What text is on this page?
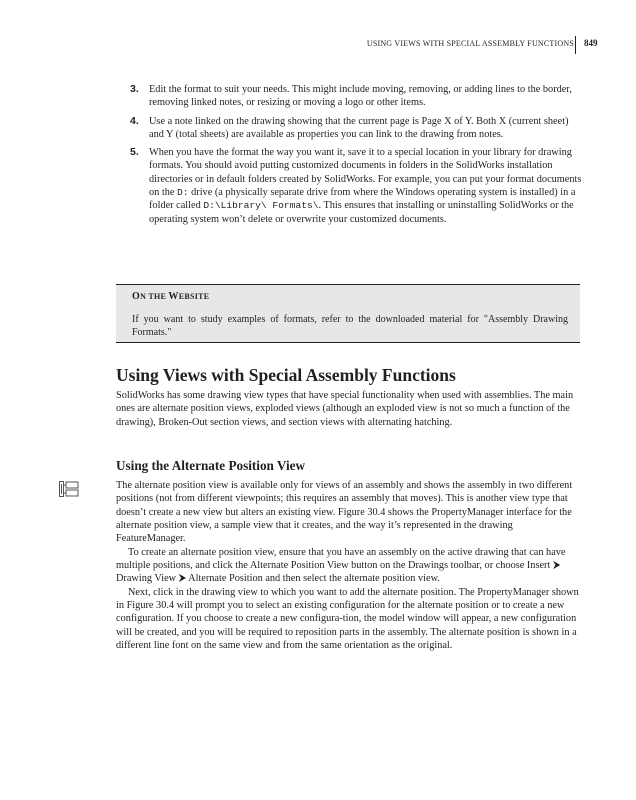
USING VIEWS WITH SPECIAL ASSEMBLY FUNCTIONS 849
3. Edit the format to suit your needs. This might include moving, removing, or adding lines to the border, removing linked notes, or resizing or moving a logo or other items.

4. Use a note linked on the drawing showing that the current page is Page X of Y. Both X (current sheet) and Y (total sheets) are available as properties you can link to the drawing from notes.

5. When you have the format the way you want it, save it to a special location in your library for drawing formats. You should avoid putting customized documents in folders in the SolidWorks installation directories or in default folders created by SolidWorks. For example, you can put your format documents on the D: drive (a physically separate drive from where the Windows operating system is installed) in a folder called D:\Library\ Formats\. This ensures that installing or uninstalling SolidWorks or the operating system won’t delete or overwrite your customized documents.

ON THE WEBSITE

If you want to study examples of formats, refer to the downloaded material for "Assembly Drawing Formats."

Using Views with Special Assembly Functions

SolidWorks has some drawing view types that have special functionality when used with assemblies. The main ones are alternate position views, exploded views (although an exploded view is not so much a function of the drawing), Broken-Out section views, and section views with alternating hatching.

Using the Alternate Position View

The alternate position view is available only for views of an assembly and shows the assembly in two different positions (not from different viewpoints; this requires an assembly that moves). This is another view type that doesn’t create a new view but alters an existing view. Figure 30.4 shows the PropertyManager interface for the alternate position view, a sample view that it creates, and the way it’s represented in the drawing FeatureManager.

To create an alternate position view, ensure that you have an assembly on the active drawing that can have multiple positions, and click the Alternate Position View button on the Drawings toolbar, or choose Insert ⮞ Drawing View ⮞ Alternate Position and then select the alternate position view.

Next, click in the drawing view to which you want to add the alternate position. The PropertyManager shown in Figure 30.4 will prompt you to select an existing configuration for the alternate position or to create a new configuration. If you choose to create a new configura-tion, the model window will appear, a new configuration will be created, and you will be required to reposition parts in the assembly. The alternate position is shown in a different line font on the same view and from the same orientation as the original.
